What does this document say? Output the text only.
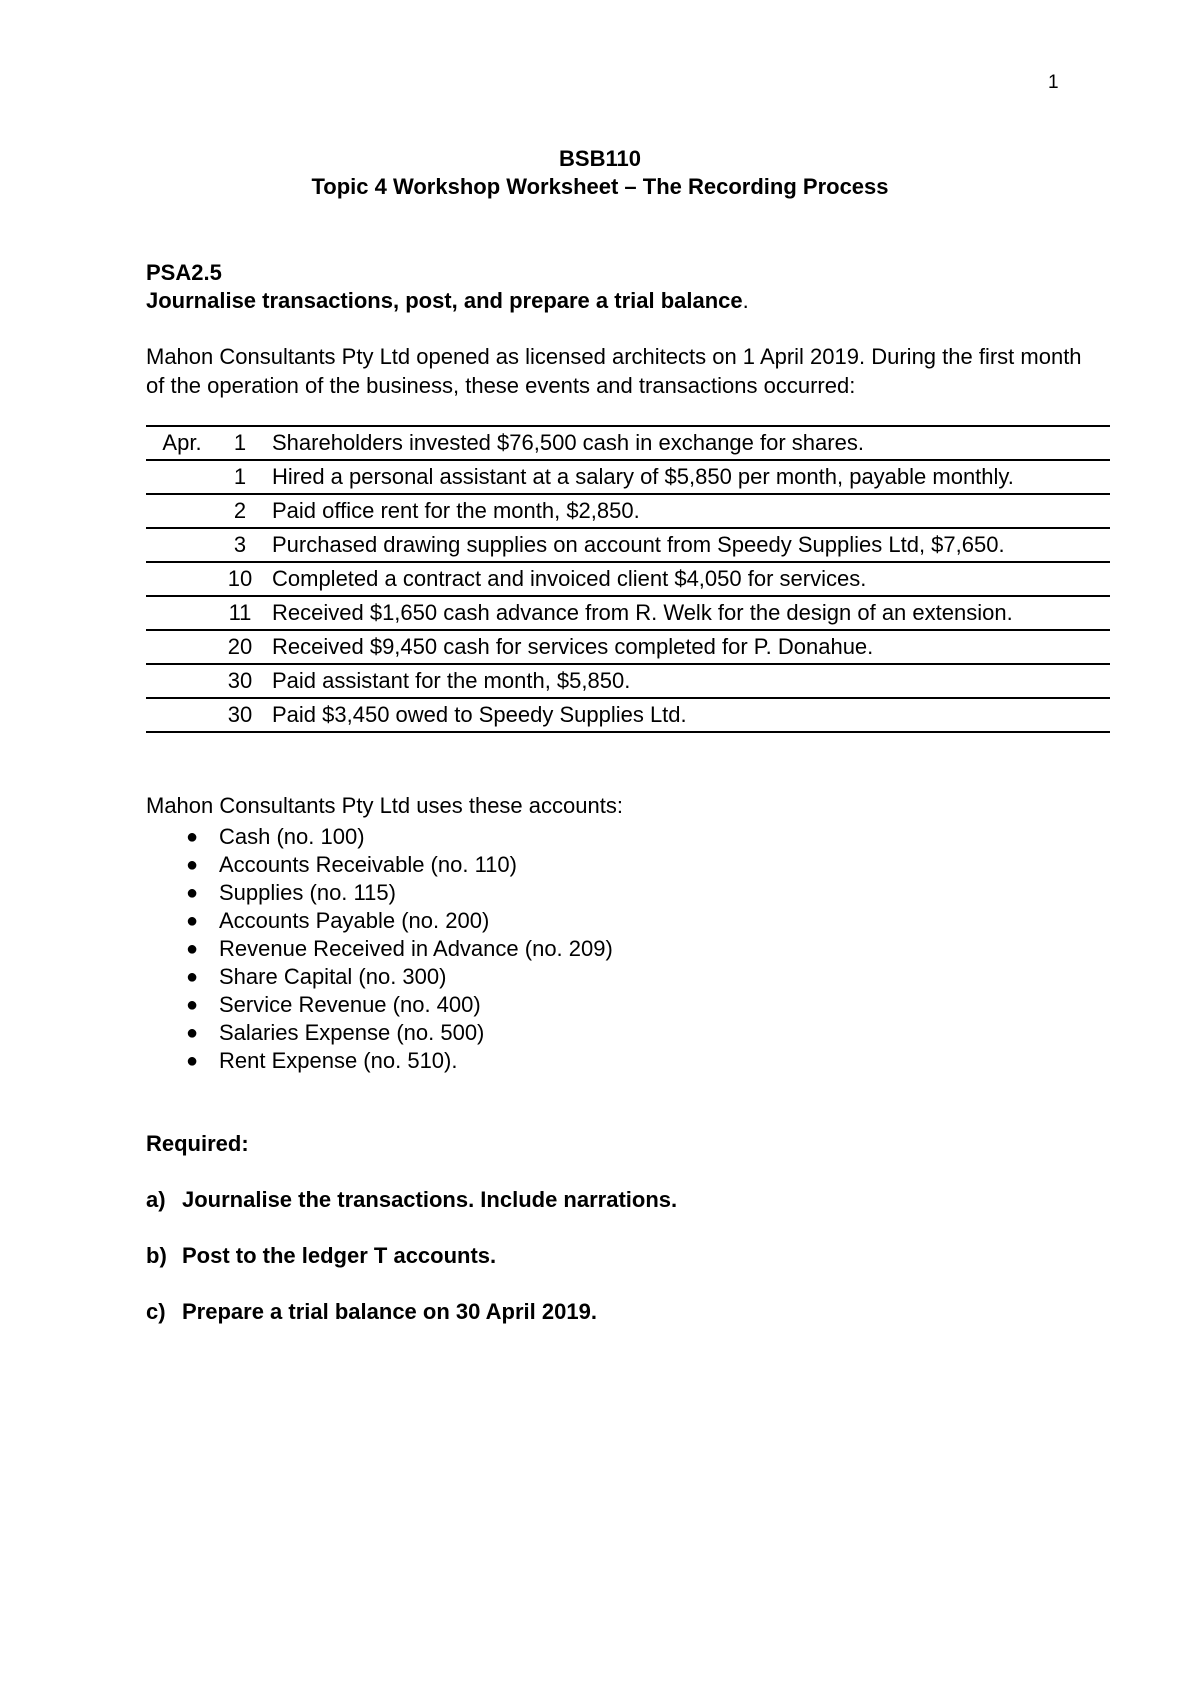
1
BSB110
Topic 4 Workshop Worksheet – The Recording Process
PSA2.5
Journalise transactions, post, and prepare a trial balance.
Mahon Consultants Pty Ltd opened as licensed architects on 1 April 2019. During the first month of the operation of the business, these events and transactions occurred:
Apr.	1	Shareholders invested $76,500 cash in exchange for shares.
	1	Hired a personal assistant at a salary of $5,850 per month, payable monthly.
	2	Paid office rent for the month, $2,850.
	3	Purchased drawing supplies on account from Speedy Supplies Ltd, $7,650.
	10	Completed a contract and invoiced client $4,050 for services.
	11	Received $1,650 cash advance from R. Welk for the design of an extension.
	20	Received $9,450 cash for services completed for P. Donahue.
	30	Paid assistant for the month, $5,850.
	30	Paid $3,450 owed to Speedy Supplies Ltd.
Mahon Consultants Pty Ltd uses these accounts:
● Cash (no. 100)
● Accounts Receivable (no. 110)
● Supplies (no. 115)
● Accounts Payable (no. 200)
● Revenue Received in Advance (no. 209)
● Share Capital (no. 300)
● Service Revenue (no. 400)
● Salaries Expense (no. 500)
● Rent Expense (no. 510).
Required:
a) Journalise the transactions. Include narrations.
b) Post to the ledger T accounts.
c) Prepare a trial balance on 30 April 2019.
